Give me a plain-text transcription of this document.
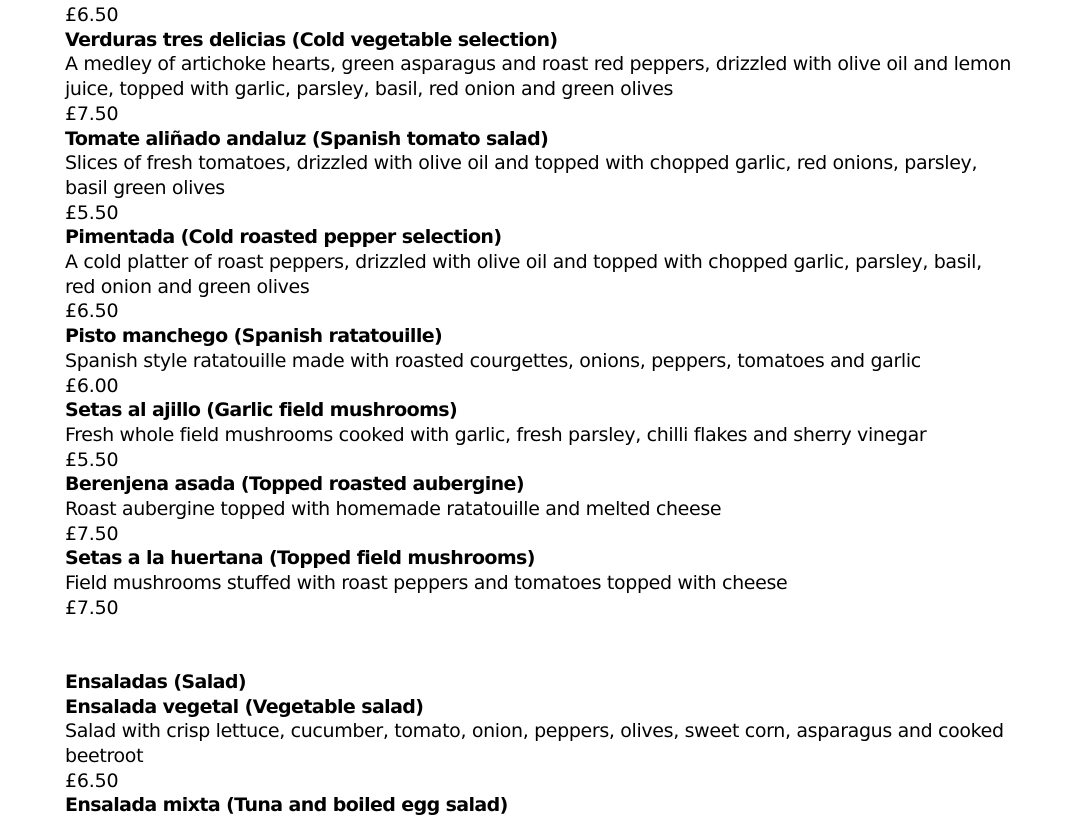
£6.50
Verduras tres delicias (Cold vegetable selection)
A medley of artichoke hearts, green asparagus and roast red peppers, drizzled with olive oil and lemon juice, topped with garlic, parsley, basil, red onion and green olives
£7.50
Tomate aliñado andaluz (Spanish tomato salad)
Slices of fresh tomatoes, drizzled with olive oil and topped with chopped garlic, red onions, parsley, basil green olives
£5.50
Pimentada (Cold roasted pepper selection)
A cold platter of roast peppers, drizzled with olive oil and topped with chopped garlic, parsley, basil, red onion and green olives
£6.50
Pisto manchego (Spanish ratatouille)
Spanish style ratatouille made with roasted courgettes, onions, peppers, tomatoes and garlic
£6.00
Setas al ajillo (Garlic field mushrooms)
Fresh whole field mushrooms cooked with garlic, fresh parsley, chilli flakes and sherry vinegar
£5.50
Berenjena asada (Topped roasted aubergine)
Roast aubergine topped with homemade ratatouille and melted cheese
£7.50
Setas a la huertana (Topped field mushrooms)
Field mushrooms stuffed with roast peppers and tomatoes topped with cheese
£7.50
Ensaladas (Salad)
Ensalada vegetal (Vegetable salad)
Salad with crisp lettuce, cucumber, tomato, onion, peppers, olives, sweet corn, asparagus and cooked beetroot
£6.50
Ensalada mixta (Tuna and boiled egg salad)
